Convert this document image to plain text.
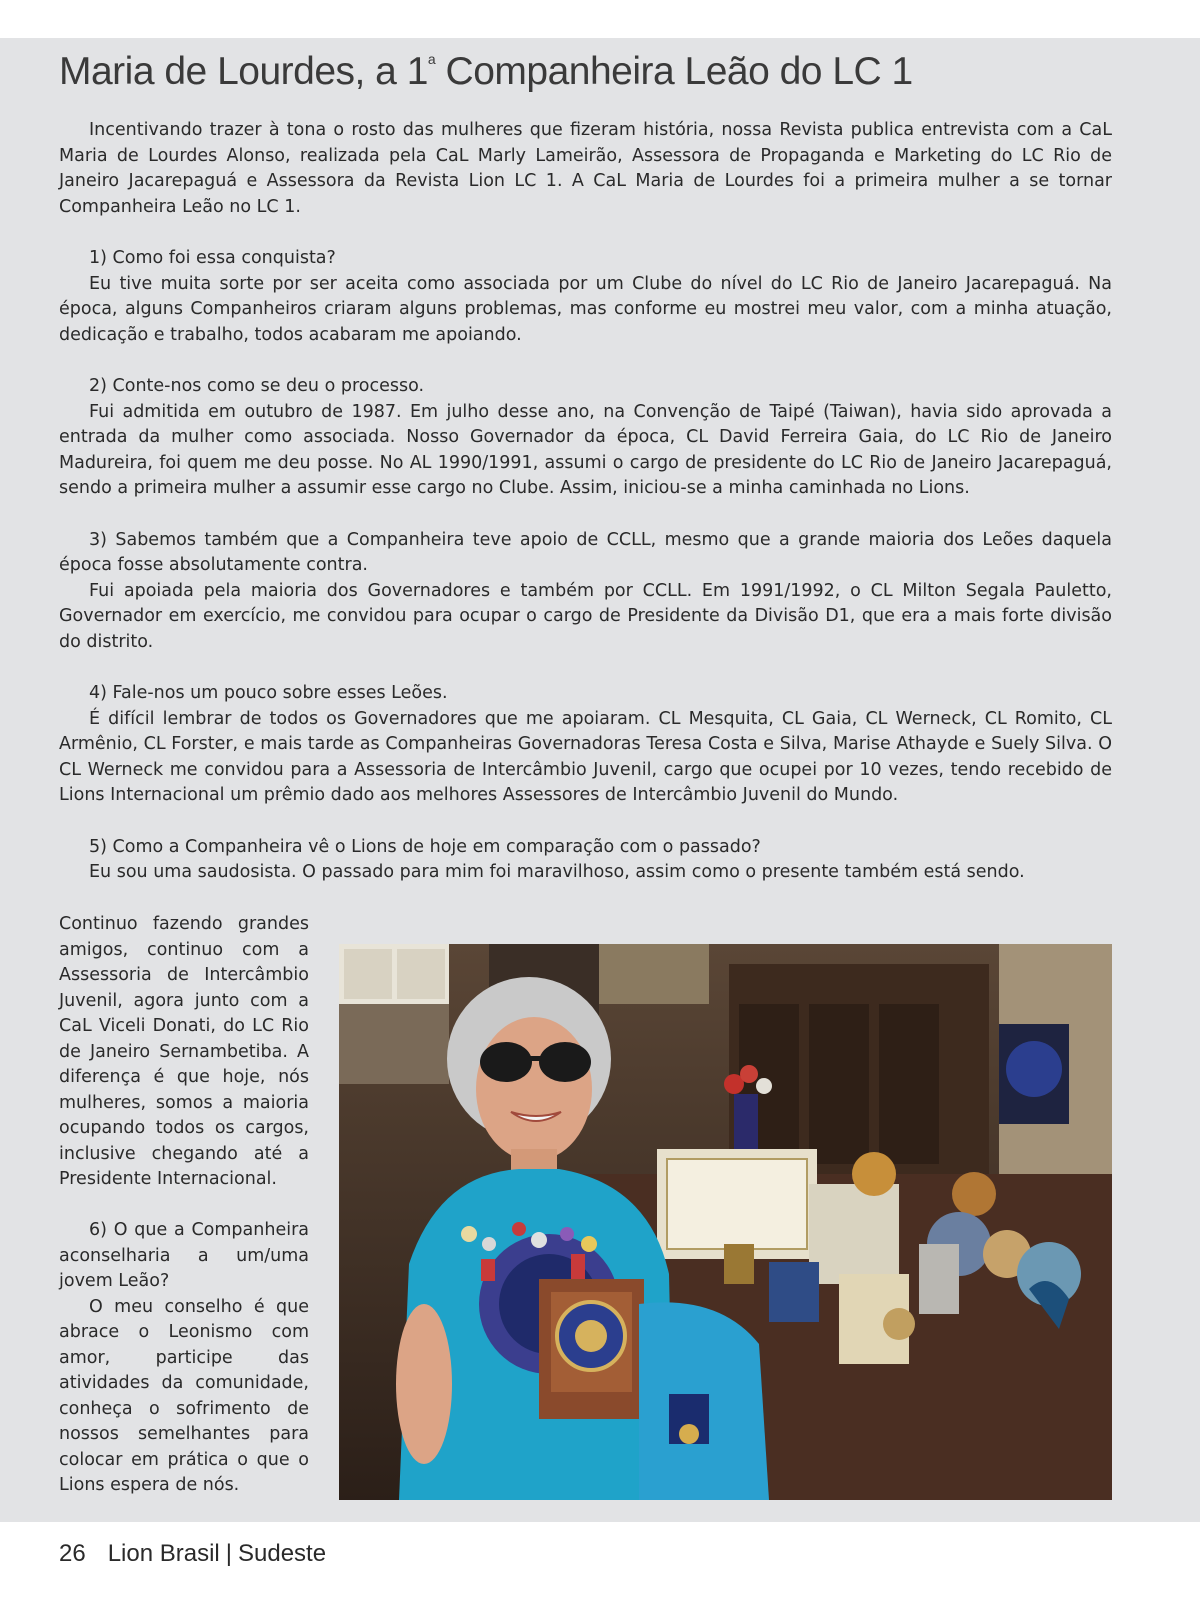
Maria de Lourdes, a 1$^a$ Companheira Leão do LC 1

Incentivando trazer à tona o rosto das mulheres que fizeram história, nossa Revista publica entrevista com a CaL Maria de Lourdes Alonso, realizada pela CaL Marly Lameirão, Assessora de Propaganda e Marketing do LC Rio de Janeiro Jacarepaguá e Assessora da Revista Lion LC 1. A CaL Maria de Lourdes foi a primeira mulher a se tornar Companheira Leão no LC 1.

1) Como foi essa conquista?

Eu tive muita sorte por ser aceita como associada por um Clube do nível do LC Rio de Janeiro Jacarepaguá. Na época, alguns Companheiros criaram alguns problemas, mas conforme eu mostrei meu valor, com a minha atuação, dedicação e trabalho, todos acabaram me apoiando.

2) Conte-nos como se deu o processo.

Fui admitida em outubro de 1987. Em julho desse ano, na Convenção de Taipé (Taiwan), havia sido aprovada a entrada da mulher como associada. Nosso Governador da época, CL David Ferreira Gaia, do LC Rio de Janeiro Madureira, foi quem me deu posse. No AL 1990/1991, assumi o cargo de presidente do LC Rio de Janeiro Jacarepaguá, sendo a primeira mulher a assumir esse cargo no Clube. Assim, iniciou-se a minha caminhada no Lions.

3) Sabemos também que a Companheira teve apoio de CCLL, mesmo que a grande maioria dos Leões daquela época fosse absolutamente contra.

Fui apoiada pela maioria dos Governadores e também por CCLL. Em 1991/1992, o CL Milton Segala Pauletto, Governador em exercício, me convidou para ocupar o cargo de Presidente da Divisão D1, que era a mais forte divisão do distrito.

4) Fale-nos um pouco sobre esses Leões.

É difícil lembrar de todos os Governadores que me apoiaram. CL Mesquita, CL Gaia, CL Werneck, CL Romito, CL Armênio, CL Forster, e mais tarde as Companheiras Governadoras Teresa Costa e Silva, Marise Athayde e Suely Silva. O CL Werneck me convidou para a Assessoria de Intercâmbio Juvenil, cargo que ocupei por 10 vezes, tendo recebido de Lions Internacional um prêmio dado aos melhores Assessores de Intercâmbio Juvenil do Mundo.

5) Como a Companheira vê o Lions de hoje em comparação com o passado?

Eu sou uma saudosista. O passado para mim foi maravilhoso, assim como o presente também está sendo.

Continuo fazendo grandes amigos, continuo com a Assessoria de Intercâmbio Juvenil, agora junto com a CaL Viceli Donati, do LC Rio de Janeiro Sernambetiba. A diferença é que hoje, nós mulheres, somos a maioria ocupando todos os cargos, inclusive chegando até a Presidente Internacional.

6) O que a Companheira aconselharia a um/uma jovem Leão?

O meu conselho é que abrace o Leonismo com amor, participe das atividades da comunidade, conheça o sofrimento de nossos semelhantes para colocar em prática o que o Lions espera de nós.

26 Lion Brasil | Sudeste
